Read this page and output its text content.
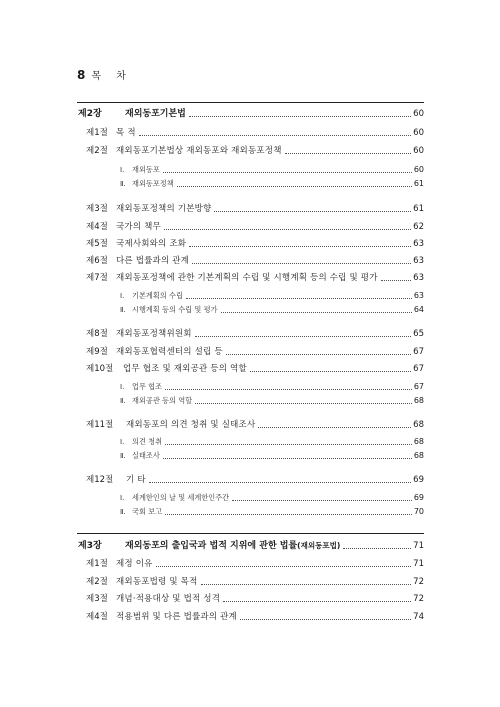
8 목 차
제2장	재외동포기본법	60
제1절 목 적	60
제2절 재외동포기본법상 재외동포와 재외동포정책	60
Ⅰ.	재외동포	60
Ⅱ. 재외동포정책	61
제3절 재외동포정책의 기본방향	61
제4절 국가의 책무	62
제5절 국제사회와의 조화	63
제6절 다른 법률과의 관계	63
제7절 재외동포정책에 관한 기본계획의 수립 및 시행계획 등의 수립 및 평가	63
Ⅰ.	기본계획의 수립	63
Ⅱ. 시행계획 등의 수립 및 평가	64
제8절 재외동포정책위원회	65
제9절 재외동포협력센터의 설립 등	67
제10절	업무 협조 및 재외공관 등의 역할	67
Ⅰ.	업무 협조	67
Ⅱ. 재외공관 등의 역할	68
제11절	재외동포의 의견 청취 및 실태조사	68
Ⅰ.	의견 청취	68
Ⅱ. 실태조사	68
제12절	기 타	69
Ⅰ.	세계한인의 날 및 세계한인주간	69
Ⅱ. 국회 보고	70
제3장	재외동포의 출입국과 법적 지위에 관한 법률 (재외동포법)	71
제1절 제정 이유	71
제2절 재외동포법령 및 목적	72
제3절 개념·적용대상 및 법적 성격	72
제4절 적용범위 및 다른 법률과의 관계	74
